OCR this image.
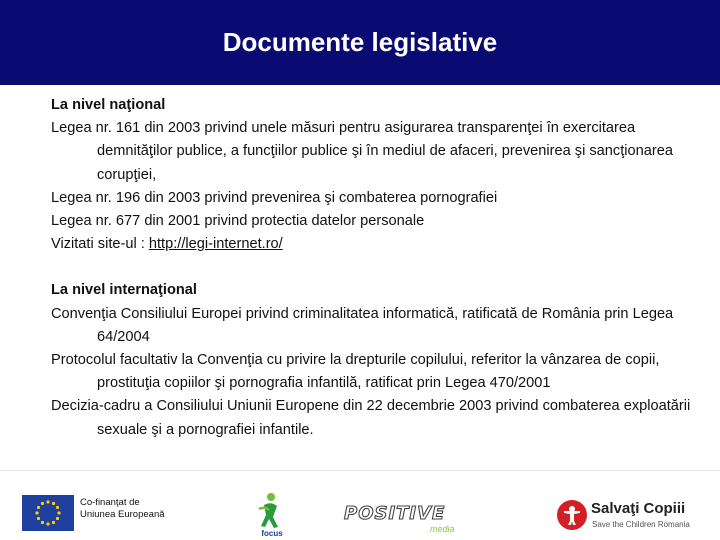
Documente legislative
La nivel naţional
Legea nr. 161 din 2003 privind unele măsuri pentru asigurarea transparenţei în exercitarea demnităţilor publice, a funcţiilor publice şi în mediul de afaceri, prevenirea şi sancţionarea corupţiei,
Legea nr. 196 din 2003 privind prevenirea şi combaterea pornografiei
Legea nr. 677 din 2001 privind protectia datelor personale
Vizitati site-ul : http://legi-internet.ro/
La nivel internaţional
Convenţia Consiliului Europei privind criminalitatea informatică, ratificată de România prin Legea 64/2004
Protocolul facultativ la Convenţia cu privire la drepturile copilului, referitor la vânzarea de copii, prostituţia copiilor şi pornografia infantilă, ratificat prin Legea 470/2001
Decizia-cadru a Consiliului Uniunii Europene din 22 decembrie 2003 privind combaterea exploatării sexuale şi a pornografiei infantile.
Co-finanţat de
Uniunea Europeană
focus
POSITIVE
media
Salvaţi Copiii
Save the Children Romania
